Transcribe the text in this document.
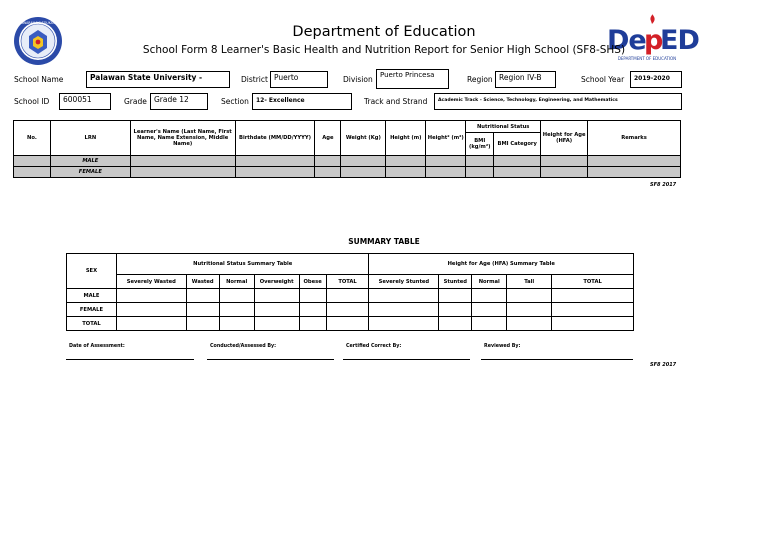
KAGAWARAN NG EDUKASYON
De
p
ED
DEPARTMENT OF EDUCATION
Department of Education
School Form 8 Learner's Basic Health and Nutrition Report for Senior High School (SF8-SHS)
School Name	Palawan State University -	District Puerto	Division	Puerto Princesa	Region Region IV-B	School Year	2019-2020
School ID	600051	Grade Grade 12	Section	12- Excellence	Track and Strand	Academic Track - Science, Technology, Engineering, and Mathematics
No.	LRN	Learner's Name (Last Name, First Name, Name Extension, Middle Name)	Birthdate (MM/DD/YYYY)	Age	Weight (Kg)	Height (m)	Height² (m²)	Nutritional Status		Height for Age (HFA)	Remarks
								BMI (kg/m²)	BMI Category		
	MALE										
	FEMALE										
SF8 2017
SUMMARY TABLE
SEX	Nutritional Status Summary Table						Height for Age (HFA) Summary Table				
	Severely Wasted	Wasted	Normal	Overweight	Obese	TOTAL	Severely Stunted	Stunted	Normal	Tall	TOTAL
MALE											
FEMALE											
TOTAL											
Date of Assessment:	Conducted/Assessed By:	Certified Correct By:	Reviewed By:
SF8 2017
